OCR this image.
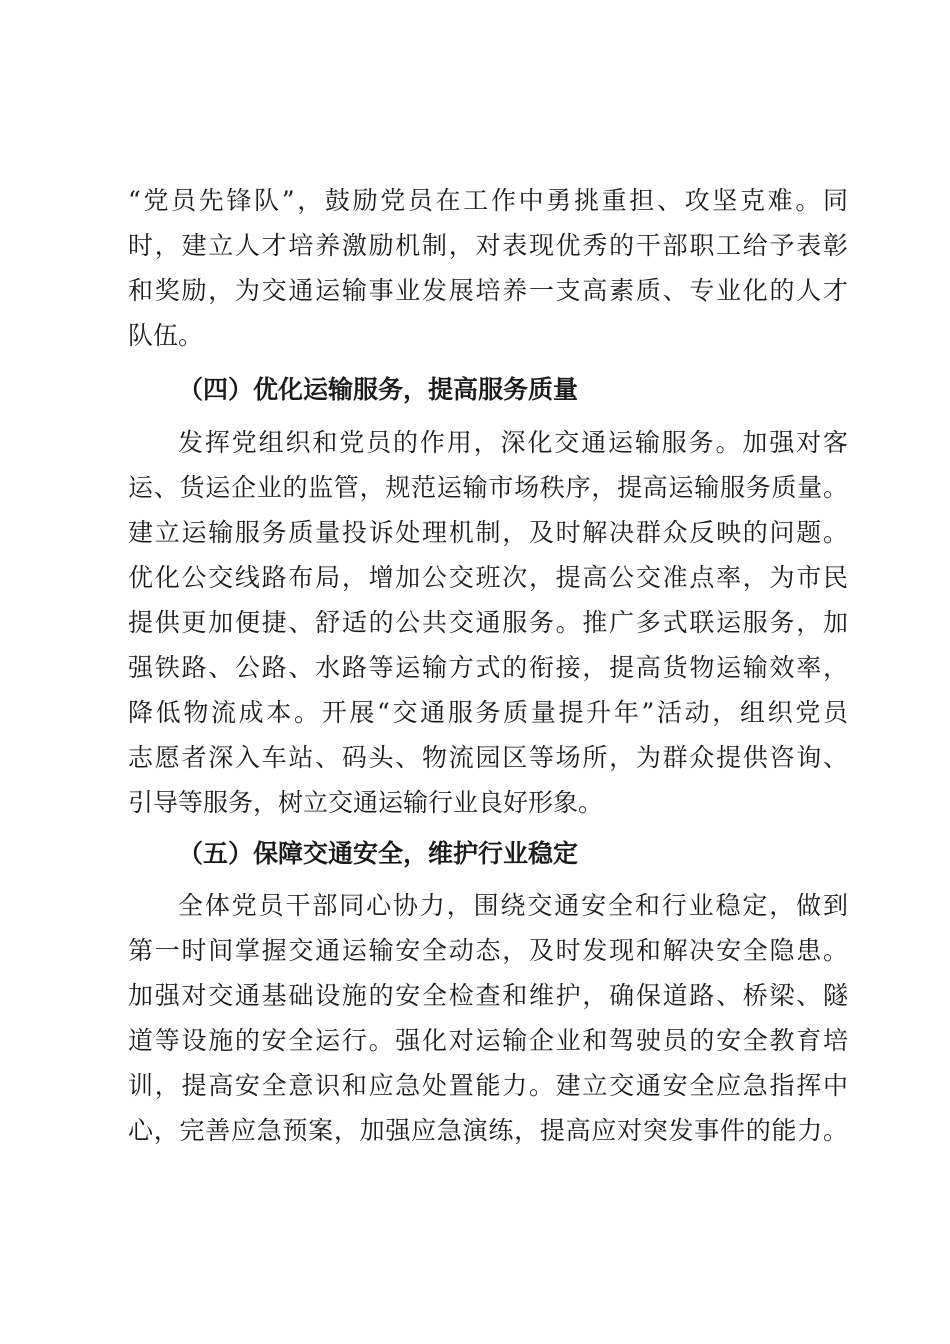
“党员先锋队”，鼓励党员在工作中勇挑重担、攻坚克难。同
时，建立人才培养激励机制，对表现优秀的干部职工给予表彰
和奖励，为交通运输事业发展培养一支高素质、专业化的人才
队伍。
（四）优化运输服务，提高服务质量
发挥党组织和党员的作用，深化交通运输服务。加强对客
运、货运企业的监管，规范运输市场秩序，提高运输服务质量。
建立运输服务质量投诉处理机制，及时解决群众反映的问题。
优化公交线路布局，增加公交班次，提高公交准点率，为市民
提供更加便捷、舒适的公共交通服务。推广多式联运服务，加
强铁路、公路、水路等运输方式的衔接，提高货物运输效率，
降低物流成本。开展“交通服务质量提升年”活动，组织党员
志愿者深入车站、码头、物流园区等场所，为群众提供咨询、
引导等服务，树立交通运输行业良好形象。
（五）保障交通安全，维护行业稳定
全体党员干部同心协力，围绕交通安全和行业稳定，做到
第一时间掌握交通运输安全动态，及时发现和解决安全隐患。
加强对交通基础设施的安全检查和维护，确保道路、桥梁、隧
道等设施的安全运行。强化对运输企业和驾驶员的安全教育培
训，提高安全意识和应急处置能力。建立交通安全应急指挥中
心，完善应急预案，加强应急演练，提高应对突发事件的能力。
